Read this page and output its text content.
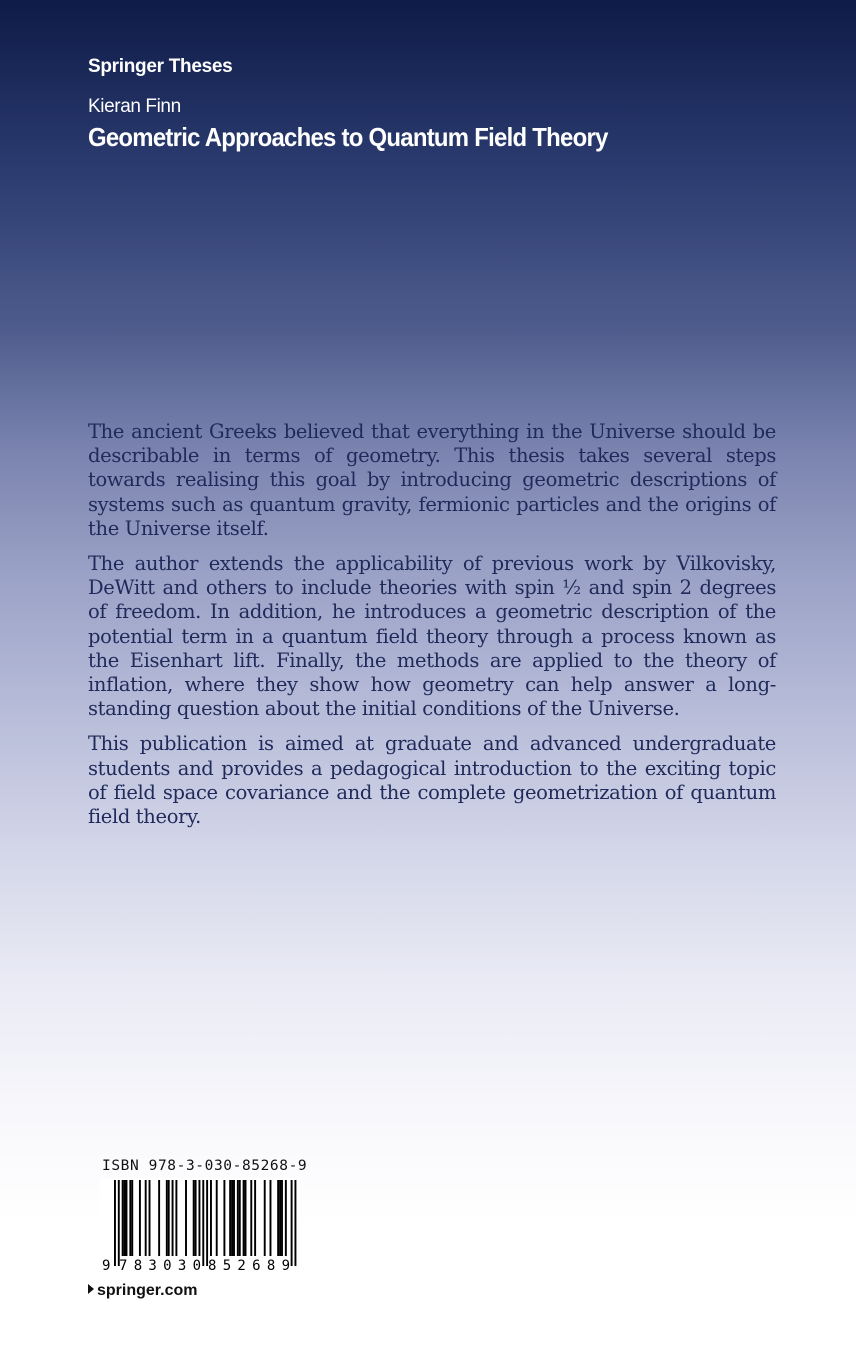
Springer Theses
Kieran Finn
Geometric Approaches to Quantum Field Theory

The ancient Greeks believed that everything in the Universe should be describable in terms of geometry. This thesis takes several steps towards realising this goal by introducing geometric descriptions of systems such as quantum gravity, fermionic particles and the origins of the Universe itself.

The author extends the applicability of previous work by Vilkovisky, DeWitt and others to include theories with spin ½ and spin 2 degrees of freedom. In addition, he introduces a geometric description of the potential term in a quantum field theory through a process known as the Eisenhart lift. Finally, the methods are applied to the theory of inflation, where they show how geometry can help answer a long-standing question about the initial conditions of the Universe.

This publication is aimed at graduate and advanced undergraduate students and provides a pedagogical introduction to the exciting topic of field space covariance and the complete geometrization of quantum field theory.

ISBN 978-3-030-85268-9
9 783030 852689
springer.com
